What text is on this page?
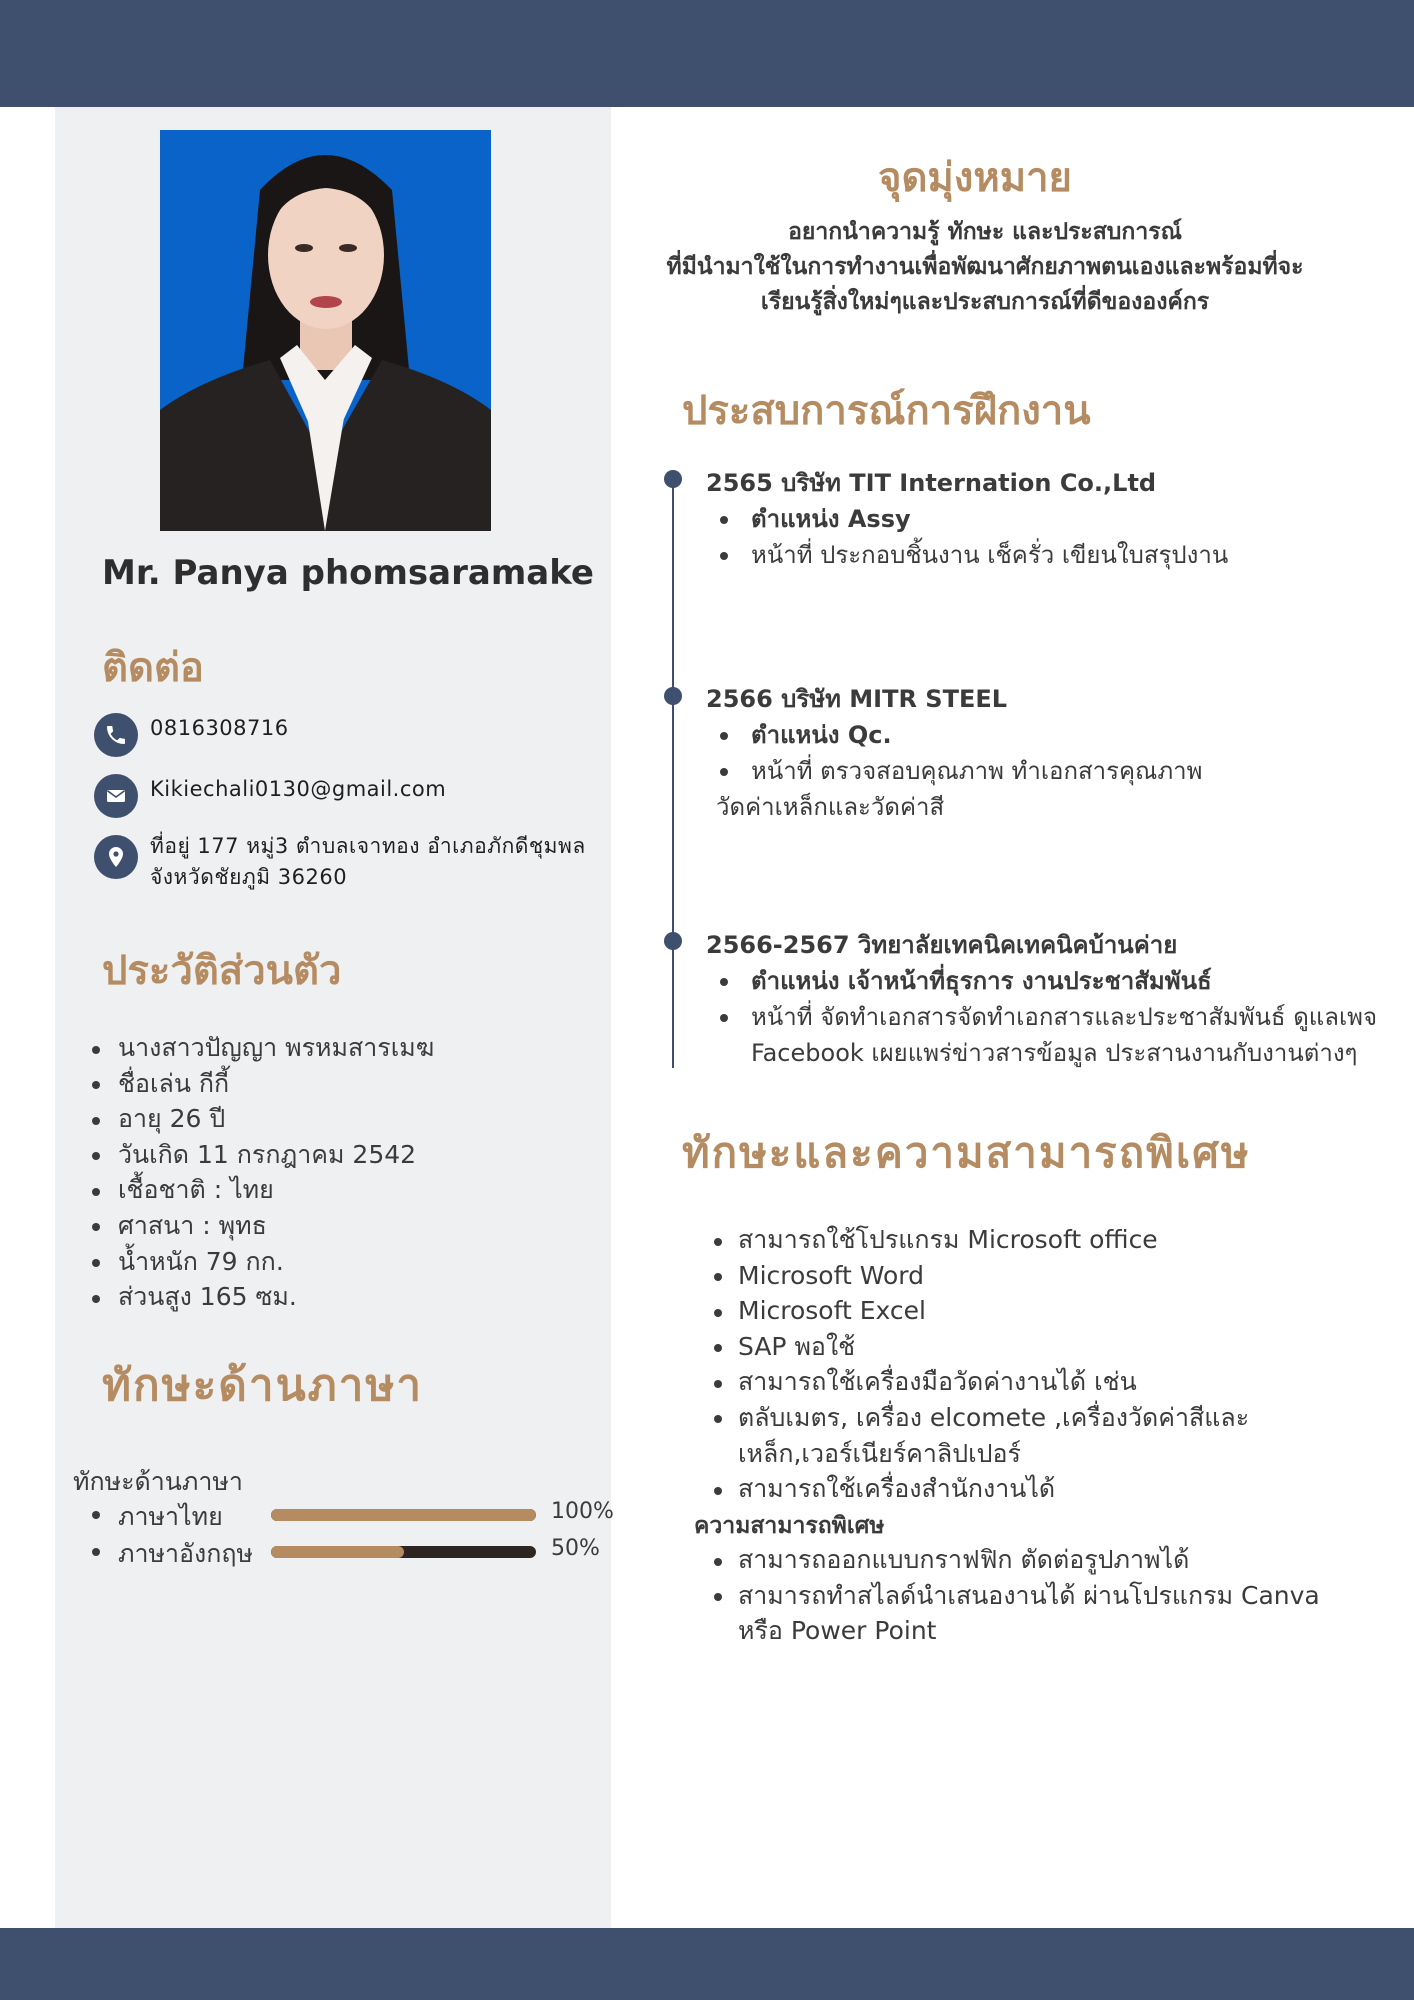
Mr. Panya phomsaramake
ติดต่อ
0816308716
Kikiechali0130@gmail.com
ที่อยู่ 177 หมู่3 ตำบลเจาทอง อำเภอภักดีชุมพล
จังหวัดชัยภูมิ 36260
ประวัติส่วนตัว
นางสาวปัญญา พรหมสารเมฆ
ชื่อเล่น กีกี้
อายุ 26 ปี
วันเกิด 11 กรกฎาคม 2542
เชื้อชาติ : ไทย
ศาสนา : พุทธ
น้ำหนัก 79 กก.
ส่วนสูง 165 ซม.
ทักษะด้านภาษา
ทักษะด้านภาษา
ภาษาไทย	100%
ภาษาอังกฤษ	50%
จุดมุ่งหมาย
อยากนำความรู้ ทักษะ และประสบการณ์
ที่มีนำมาใช้ในการทำงานเพื่อพัฒนาศักยภาพตนเองและพร้อมที่จะ
เรียนรู้สิ่งใหม่ๆและประสบการณ์ที่ดีขององค์กร
ประสบการณ์การฝึกงาน
2565 บริษัท TIT Internation Co.,Ltd
ตำแหน่ง Assy
หน้าที่ ประกอบชิ้นงาน เช็ครั่ว เขียนใบสรุปงาน
2566 บริษัท MITR STEEL
ตำแหน่ง Qc.
หน้าที่ ตรวจสอบคุณภาพ ทำเอกสารคุณภาพ
วัดค่าเหล็กและวัดค่าสี
2566-2567 วิทยาลัยเทคนิคเทคนิคบ้านค่าย
ตำแหน่ง เจ้าหน้าที่ธุรการ งานประชาสัมพันธ์
หน้าที่ จัดทำเอกสารจัดทำเอกสารและประชาสัมพันธ์ ดูแลเพจ Facebook เผยแพร่ข่าวสารข้อมูล ประสานงานกับงานต่างๆ
ทักษะและความสามารถพิเศษ
สามารถใช้โปรแกรม Microsoft office
Microsoft Word
Microsoft Excel
SAP พอใช้
สามารถใช้เครื่องมือวัดค่างานได้ เช่น
ตลับเมตร, เครื่อง elcomete ,เครื่องวัดค่าสีและเหล็ก,เวอร์เนียร์คาลิปเปอร์
สามารถใช้เครื่องสำนักงานได้
ความสามารถพิเศษ
สามารถออกแบบกราฟฟิก ตัดต่อรูปภาพได้
สามารถทำสไลด์นำเสนองานได้ ผ่านโปรแกรม Canva หรือ Power Point
